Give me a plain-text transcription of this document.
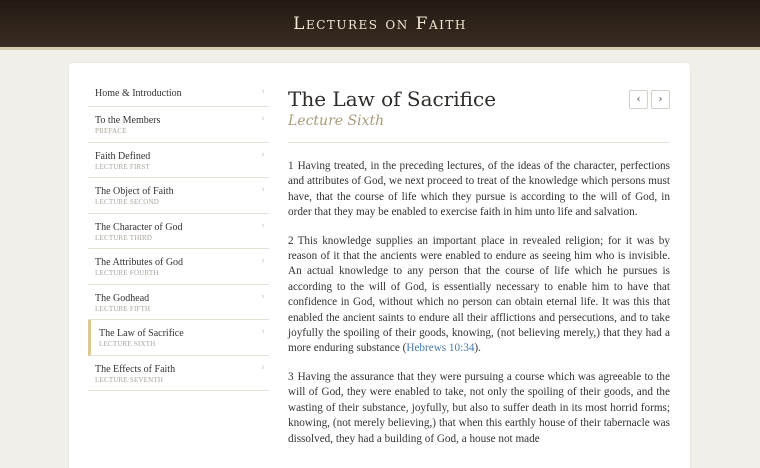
Lectures on Faith
Home & Introduction	›
To the Members
PREFACE
›
Faith Defined
LECTURE FIRST
›
The Object of Faith
LECTURE SECOND
›
The Character of God
LECTURE THIRD
›
The Attributes of God
LECTURE FOURTH
›
The Godhead
LECTURE FIFTH
›
The Law of Sacrifice
LECTURE SIXTH
›
The Effects of Faith
LECTURE SEVENTH
›
The Law of Sacrifice
Lecture Sixth
‹ ›

1 Having treated, in the preceding lectures, of the ideas of the character, perfections and attributes of God, we next proceed to treat of the knowledge which persons must have, that the course of life which they pursue is according to the will of God, in order that they may be enabled to exercise faith in him unto life and salvation.

2 This knowledge supplies an important place in revealed religion; for it was by reason of it that the ancients were enabled to endure as seeing him who is invisible. An actual knowledge to any person that the course of life which he pursues is according to the will of God, is essentially necessary to enable him to have that confidence in God, without which no person can obtain eternal life. It was this that enabled the ancient saints to endure all their afflictions and persecutions, and to take joyfully the spoiling of their goods, knowing, (not believing merely,) that they had a more enduring substance (Hebrews 10:34).

3 Having the assurance that they were pursuing a course which was agreeable to the will of God, they were enabled to take, not only the spoiling of their goods, and the wasting of their substance, joyfully, but also to suffer death in its most horrid forms; knowing, (not merely believing,) that when this earthly house of their tabernacle was dissolved, they had a building of God, a house not made
